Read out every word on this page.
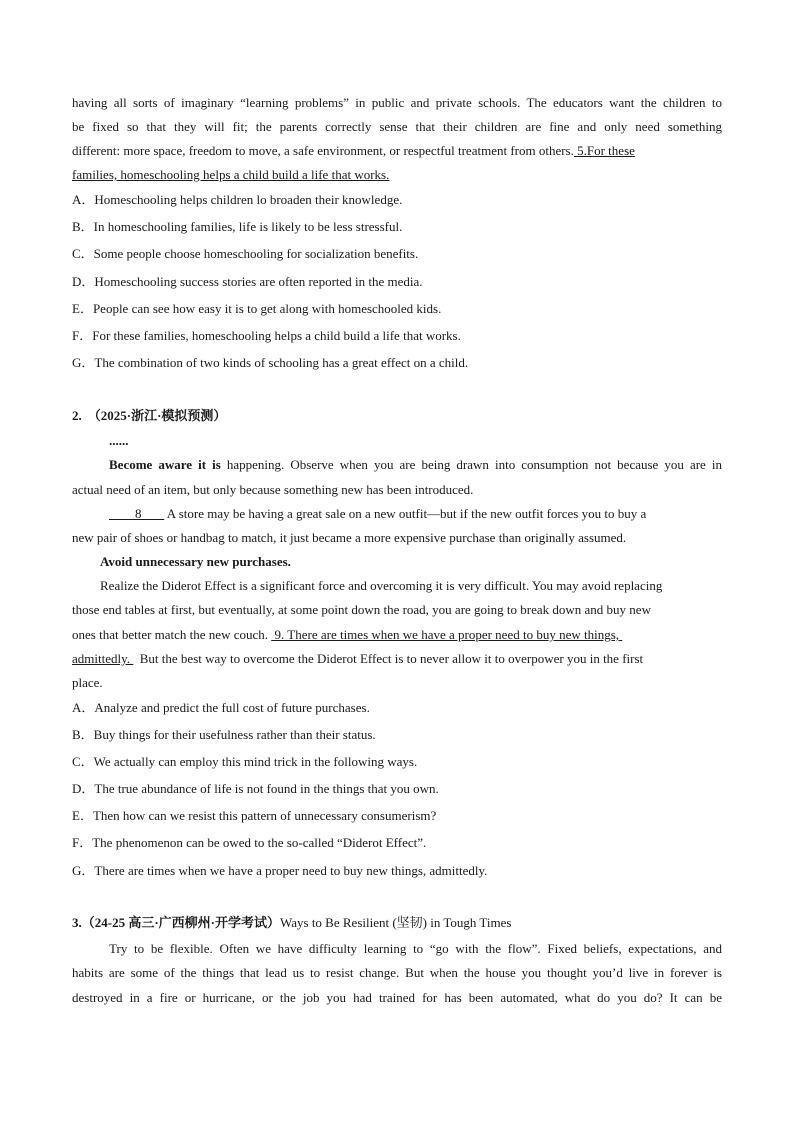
having all sorts of imaginary “learning problems” in public and private schools. The educators want the children to
be fixed so that they will fit; the parents correctly sense that their children are fine and only need something
different: more space, freedom to move, a safe environment, or respectful treatment from others. 5.For these
families, homeschooling helps a child build a life that works.
A．Homeschooling helps children lo broaden their knowledge.
B．In homeschooling families, life is likely to be less stressful.
C．Some people choose homeschooling for socialization benefits.
D．Homeschooling success stories are often reported in the media.
E．People can see how easy it is to get along with homeschooled kids.
F．For these families, homeschooling helps a child build a life that works.
G．The combination of two kinds of schooling has a great effect on a child.
2. （2025·浙江·模拟预测）
......
Become aware it is happening. Observe when you are being drawn into consumption not because you are in
actual need of an item, but only because something new has been introduced.
8        A store may be having a great sale on a new outfit—but if the new outfit forces you to buy a
new pair of shoes or handbag to match, it just became a more expensive purchase than originally assumed.
Avoid unnecessary new purchases.
Realize the Diderot Effect is a significant force and overcoming it is very difficult. You may avoid replacing
those end tables at first, but eventually, at some point down the road, you are going to break down and buy new
ones that better match the new couch.  9. There are times when we have a proper need to buy new things,
admittedly.   But the best way to overcome the Diderot Effect is to never allow it to overpower you in the first
place.
A．Analyze and predict the full cost of future purchases.
B．Buy things for their usefulness rather than their status.
C．We actually can employ this mind trick in the following ways.
D．The true abundance of life is not found in the things that you own.
E．Then how can we resist this pattern of unnecessary consumerism?
F．The phenomenon can be owed to the so-called “Diderot Effect”.
G．There are times when we have a proper need to buy new things, admittedly.
3.（24-25 高三·广西柳州·开学考试）Ways to Be Resilient (坚韧) in Tough Times
Try to be flexible. Often we have difficulty learning to “go with the flow”. Fixed beliefs, expectations, and
habits are some of the things that lead us to resist change. But when the house you thought you’d live in forever is
destroyed in a fire or hurricane, or the job you had trained for has been automated, what do you do? It can be
